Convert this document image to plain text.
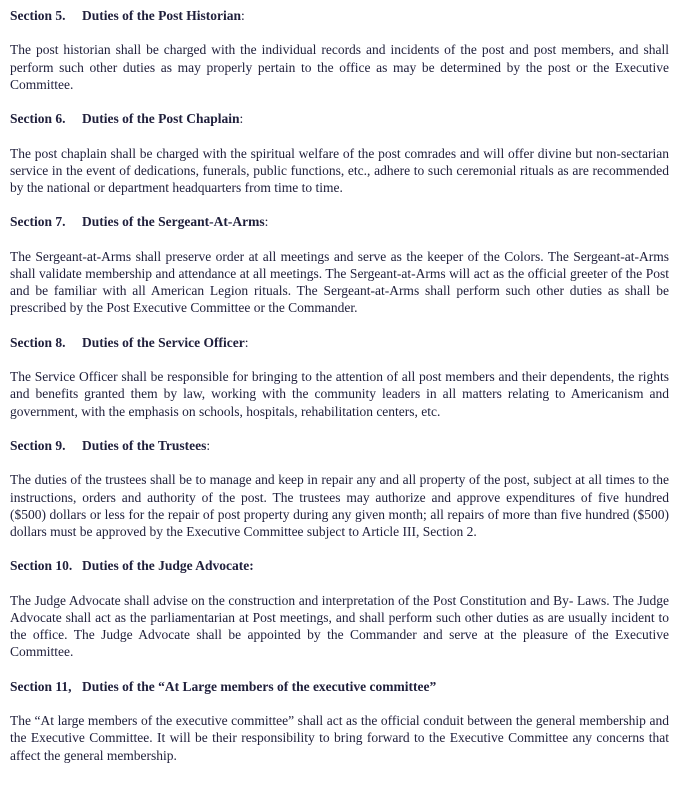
Section 5.	Duties of the Post Historian:

The post historian shall be charged with the individual records and incidents of the post and post members, and shall perform such other duties as may properly pertain to the office as may be determined by the post or the Executive Committee.

Section 6.	Duties of the Post Chaplain:

The post chaplain shall be charged with the spiritual welfare of the post comrades and will offer divine but non-sectarian service in the event of dedications, funerals, public functions, etc., adhere to such ceremonial rituals as are recommended by the national or department headquarters from time to time.

Section 7.	Duties of the Sergeant-At-Arms:

The Sergeant-at-Arms shall preserve order at all meetings and serve as the keeper of the Colors. The Sergeant-at-Arms shall validate membership and attendance at all meetings. The Sergeant-at-Arms will act as the official greeter of the Post and be familiar with all American Legion rituals. The Sergeant-at-Arms shall perform such other duties as shall be prescribed by the Post Executive Committee or the Commander.

Section 8.	Duties of the Service Officer:

The Service Officer shall be responsible for bringing to the attention of all post members and their dependents, the rights and benefits granted them by law, working with the community leaders in all matters relating to Americanism and government, with the emphasis on schools, hospitals, rehabilitation centers, etc.

Section 9.	Duties of the Trustees:

The duties of the trustees shall be to manage and keep in repair any and all property of the post, subject at all times to the instructions, orders and authority of the post. The trustees may authorize and approve expenditures of five hundred ($500) dollars or less for the repair of post property during any given month; all repairs of more than five hundred ($500) dollars must be approved by the Executive Committee subject to Article III, Section 2.

Section 10. Duties of the Judge Advocate:

The Judge Advocate shall advise on the construction and interpretation of the Post Constitution and By- Laws. The Judge Advocate shall act as the parliamentarian at Post meetings, and shall perform such other duties as are usually incident to the office. The Judge Advocate shall be appointed by the Commander and serve at the pleasure of the Executive Committee.

Section 11, Duties of the “At Large members of the executive committee”

The “At large members of the executive committee” shall act as the official conduit between the general membership and the Executive Committee. It will be their responsibility to bring forward to the Executive Committee any concerns that affect the general membership.
